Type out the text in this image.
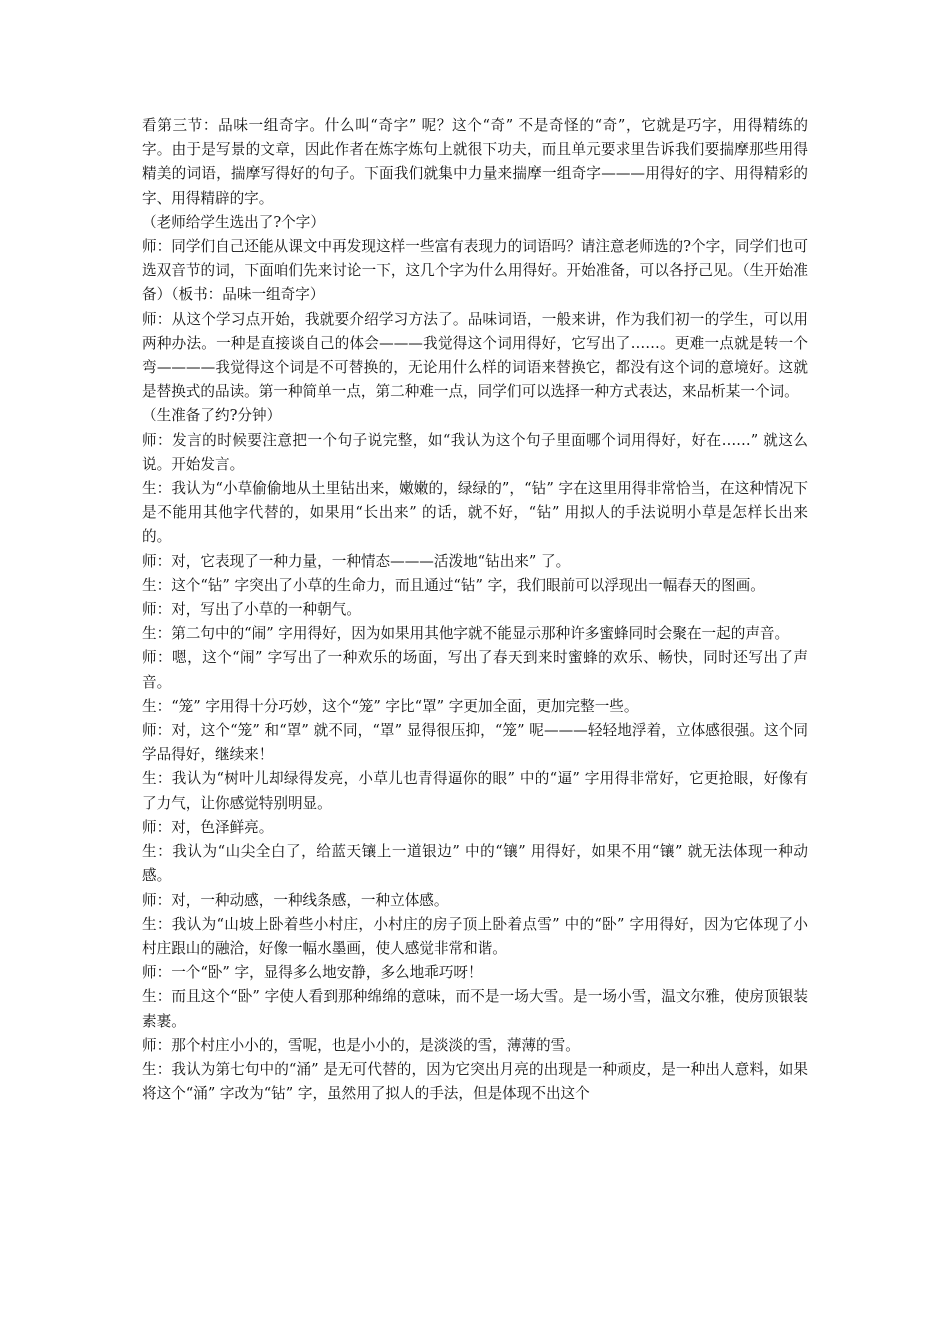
看第三节：品味一组奇字。什么叫“奇字” 呢？这个“奇” 不是奇怪的“奇”，它就是巧字，用得精练的字。由于是写景的文章，因此作者在炼字炼句上就很下功夫，而且单元要求里告诉我们要揣摩那些用得精美的词语，揣摩写得好的句子。下面我们就集中力量来揣摩一组奇字———用得好的字、用得精彩的字、用得精辟的字。

（老师给学生选出了?个字）

师：同学们自己还能从课文中再发现这样一些富有表现力的词语吗？请注意老师选的?个字，同学们也可选双音节的词，下面咱们先来讨论一下，这几个字为什么用得好。开始准备，可以各抒己见。（生开始准备）（板书：品味一组奇字）

师：从这个学习点开始，我就要介绍学习方法了。品味词语，一般来讲，作为我们初一的学生，可以用两种办法。一种是直接谈自己的体会———我觉得这个词用得好，它写出了……。更难一点就是转一个弯————我觉得这个词是不可替换的，无论用什么样的词语来替换它，都没有这个词的意境好。这就是替换式的品读。第一种简单一点，第二种难一点，同学们可以选择一种方式表达，来品析某一个词。

（生准备了约?分钟）

师：发言的时候要注意把一个句子说完整，如“我认为这个句子里面哪个词用得好，好在……” 就这么说。开始发言。

生：我认为“小草偷偷地从土里钻出来，嫩嫩的，绿绿的”，“钻” 字在这里用得非常恰当，在这种情况下是不能用其他字代替的，如果用“长出来” 的话，就不好，“钻” 用拟人的手法说明小草是怎样长出来的。

师：对，它表现了一种力量，一种情态———活泼地“钻出来” 了。

生：这个“钻” 字突出了小草的生命力，而且通过“钻” 字，我们眼前可以浮现出一幅春天的图画。

师：对，写出了小草的一种朝气。

生：第二句中的“闹” 字用得好，因为如果用其他字就不能显示那种许多蜜蜂同时会聚在一起的声音。

师：嗯，这个“闹” 字写出了一种欢乐的场面，写出了春天到来时蜜蜂的欢乐、畅快，同时还写出了声音。

生：“笼” 字用得十分巧妙，这个“笼” 字比“罩” 字更加全面，更加完整一些。

师：对，这个“笼” 和“罩” 就不同，“罩” 显得很压抑，“笼” 呢———轻轻地浮着，立体感很强。这个同学品得好，继续来！

生：我认为“树叶儿却绿得发亮，小草儿也青得逼你的眼” 中的“逼” 字用得非常好，它更抢眼，好像有了力气，让你感觉特别明显。

师：对，色泽鲜亮。

生：我认为“山尖全白了，给蓝天镶上一道银边” 中的“镶” 用得好，如果不用“镶” 就无法体现一种动感。

师：对，一种动感，一种线条感，一种立体感。

生：我认为“山坡上卧着些小村庄，小村庄的房子顶上卧着点雪” 中的“卧” 字用得好，因为它体现了小村庄跟山的融洽，好像一幅水墨画，使人感觉非常和谐。

师：一个“卧” 字，显得多么地安静，多么地乖巧呀！

生：而且这个“卧” 字使人看到那种绵绵的意味，而不是一场大雪。是一场小雪，温文尔雅，使房顶银装素裹。

师：那个村庄小小的，雪呢，也是小小的，是淡淡的雪，薄薄的雪。

生：我认为第七句中的“涌” 是无可代替的，因为它突出月亮的出现是一种顽皮，是一种出人意料，如果将这个“涌” 字改为“钻” 字，虽然用了拟人的手法，但是体现不出这个
